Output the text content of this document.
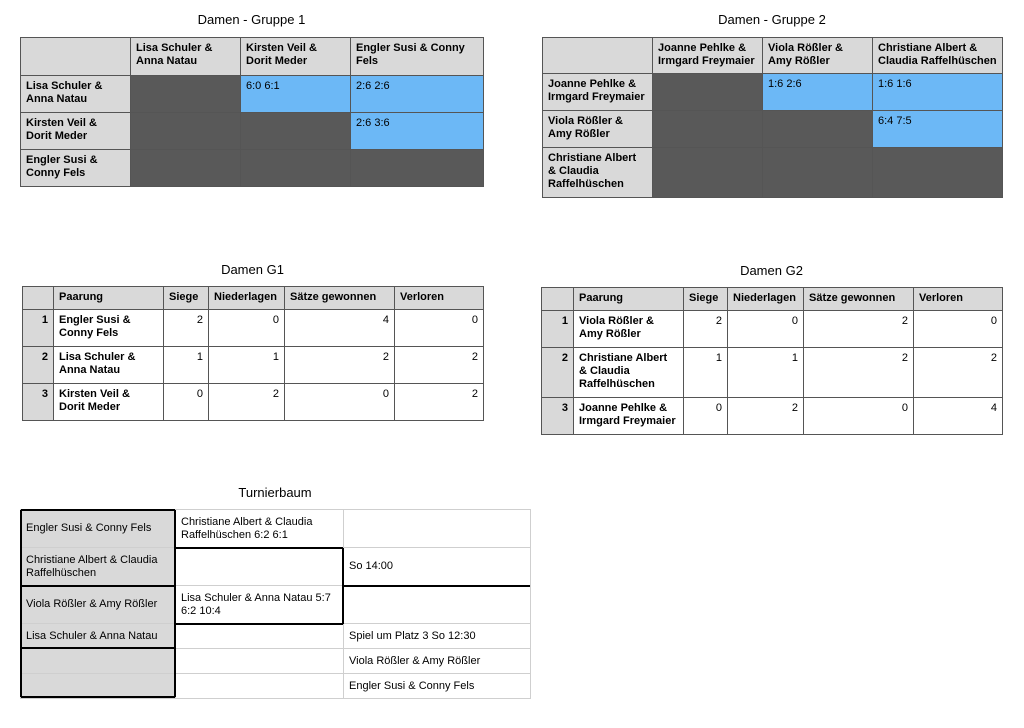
Damen - Gruppe 1
	Lisa Schuler & Anna Natau	Kirsten Veil & Dorit Meder	Engler Susi & Conny Fels
Lisa Schuler & Anna Natau		6:0 6:1	2:6 2:6
Kirsten Veil & Dorit Meder			2:6 3:6
Engler Susi & Conny Fels			
Damen - Gruppe 2
	Joanne Pehlke & Irmgard Freymaier	Viola Rößler & Amy Rößler	Christiane Albert & Claudia Raffelhüschen
Joanne Pehlke & Irmgard Freymaier		1:6 2:6	1:6 1:6
Viola Rößler & Amy Rößler			6:4 7:5
Christiane Albert & Claudia Raffelhüschen			
Damen G1
	Paarung	Siege	Niederlagen	Sätze gewonnen	Verloren
1	Engler Susi & Conny Fels	2	0	4	0
2	Lisa Schuler & Anna Natau	1	1	2	2
3	Kirsten Veil & Dorit Meder	0	2	0	2
Damen G2
	Paarung	Siege	Niederlagen	Sätze gewonnen	Verloren
1	Viola Rößler & Amy Rößler	2	0	2	0
2	Christiane Albert & Claudia Raffelhüschen	1	1	2	2
3	Joanne Pehlke & Irmgard Freymaier	0	2	0	4
Turnierbaum
Engler Susi & Conny Fels	Christiane Albert & Claudia Raffelhüschen 6:2 6:1	
Christiane Albert & Claudia Raffelhüschen		So 14:00
Viola Rößler & Amy Rößler	Lisa Schuler & Anna Natau 5:7 6:2 10:4	
Lisa Schuler & Anna Natau		Spiel um Platz 3 So 12:30
		Viola Rößler & Amy Rößler
		Engler Susi & Conny Fels
